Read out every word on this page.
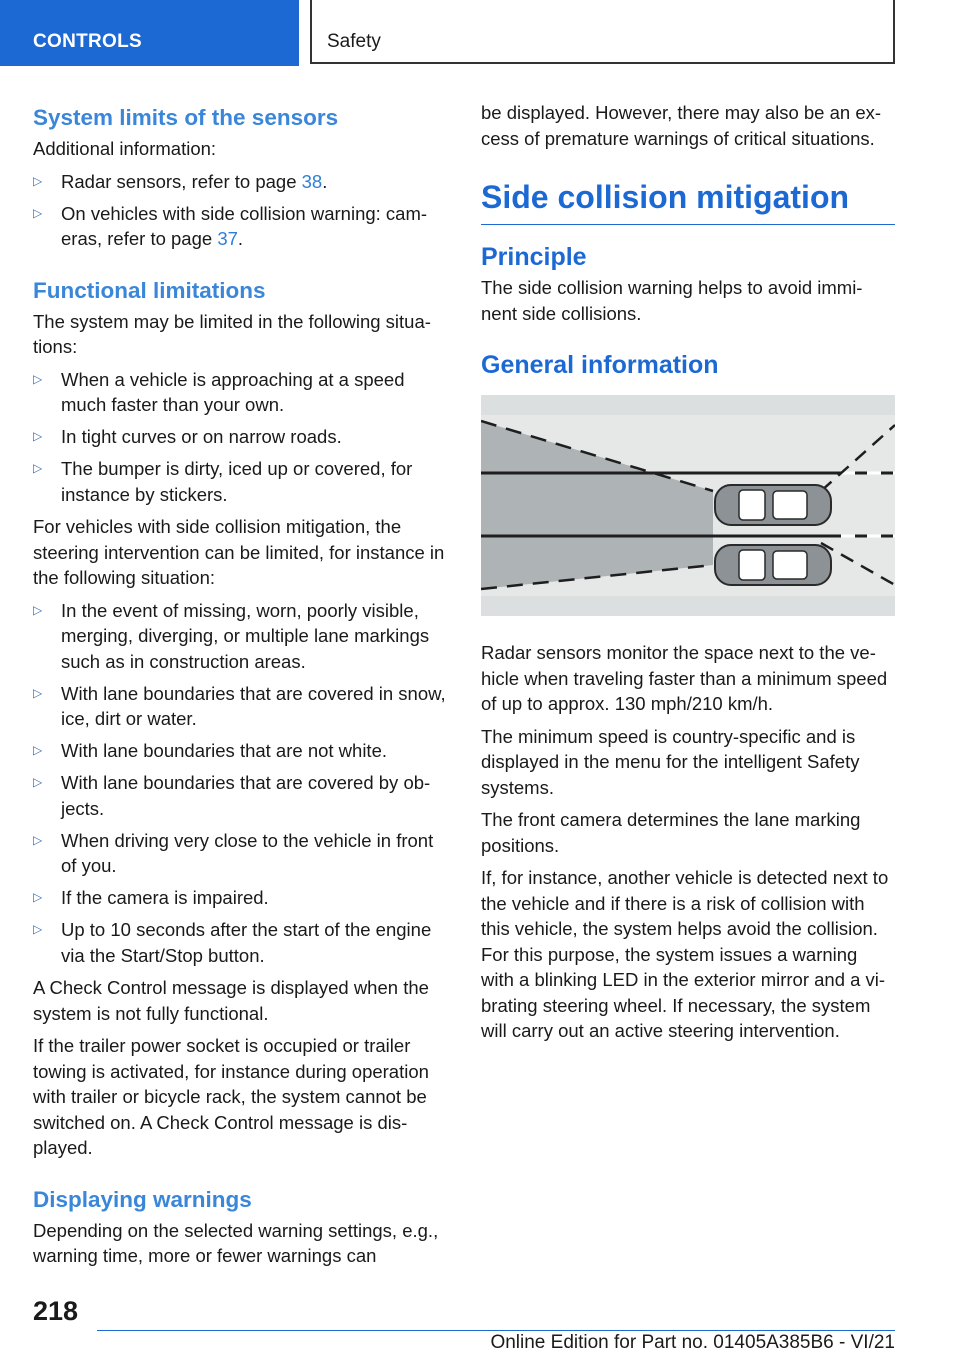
CONTROLS	Safety
System limits of the sensors

Additional information:

▷ Radar sensors, refer to page 38.
▷ On vehicles with side collision warning: cam-eras, refer to page 37.
Functional limitations

The system may be limited in the following situa-tions:

▷ When a vehicle is approaching at a speed much faster than your own.
▷ In tight curves or on narrow roads.
▷ The bumper is dirty, iced up or covered, for instance by stickers.

For vehicles with side collision mitigation, the steering intervention can be limited, for instance in the following situation:

▷ In the event of missing, worn, poorly visible, merging, diverging, or multiple lane markings such as in construction areas.
▷ With lane boundaries that are covered in snow, ice, dirt or water.
▷ With lane boundaries that are not white.
▷ With lane boundaries that are covered by ob-jects.
▷ When driving very close to the vehicle in front of you.
▷ If the camera is impaired.
▷ Up to 10 seconds after the start of the engine via the Start/Stop button.

A Check Control message is displayed when the system is not fully functional.

If the trailer power socket is occupied or trailer towing is activated, for instance during operation with trailer or bicycle rack, the system cannot be switched on. A Check Control message is dis-played.

Displaying warnings

Depending on the selected warning settings, e.g., warning time, more or fewer warnings can

be displayed. However, there may also be an ex-cess of premature warnings of critical situations.

Side collision mitigation
Principle

The side collision warning helps to avoid immi-nent side collisions.

General information

Radar sensors monitor the space next to the ve-hicle when traveling faster than a minimum speed of up to approx. 130 mph/210 km/h.

The minimum speed is country-specific and is displayed in the menu for the intelligent Safety systems.

The front camera determines the lane marking positions.

If, for instance, another vehicle is detected next to the vehicle and if there is a risk of collision with this vehicle, the system helps avoid the collision. For this purpose, the system issues a warning with a blinking LED in the exterior mirror and a vi-brating steering wheel. If necessary, the system will carry out an active steering intervention.

218
Online Edition for Part no. 01405A385B6 - VI/21
